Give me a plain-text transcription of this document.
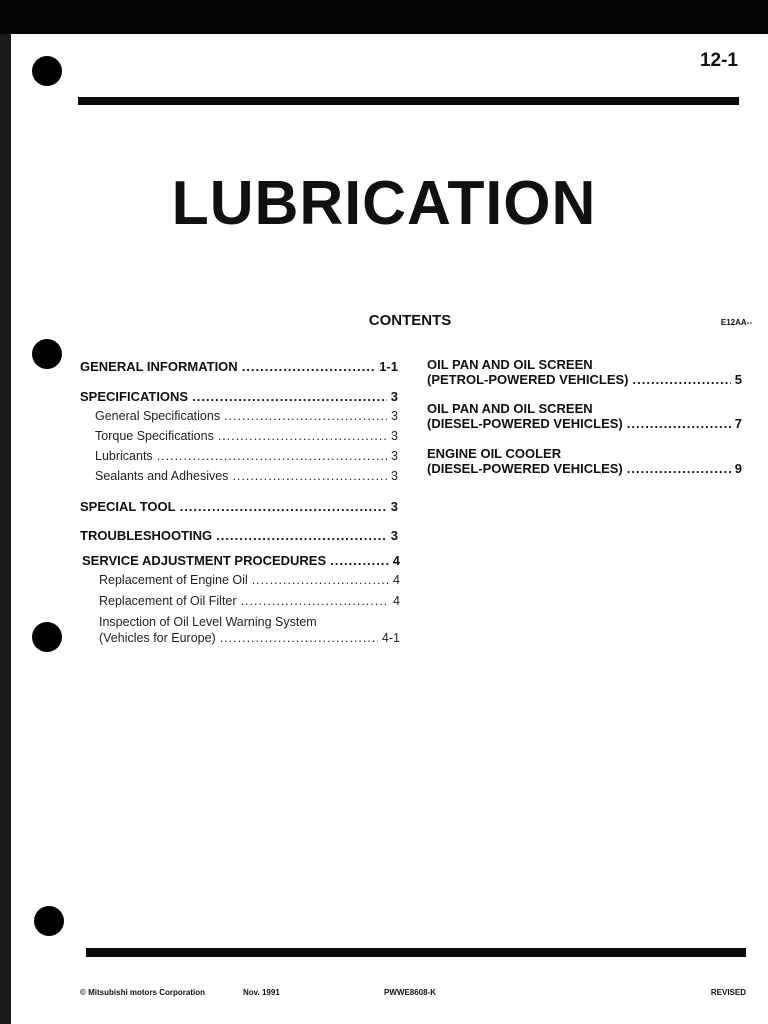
12-1
LUBRICATION
CONTENTS	E12AA--
GENERAL INFORMATION .....	1-1
SPECIFICATIONS .....	3
General Specifications .....	3
Torque Specifications .....	3
Lubricants .....	3
Sealants and Adhesives .....	3
SPECIAL TOOL .....	3
TROUBLESHOOTING .....	3
SERVICE ADJUSTMENT PROCEDURES .....	4
Replacement of Engine Oil .....	4
Replacement of Oil Filter .....	4
Inspection of Oil Level Warning System
(Vehicles for Europe) .....	4-1
OIL PAN AND OIL SCREEN
(PETROL-POWERED VEHICLES) .....	5
OIL PAN AND OIL SCREEN
(DIESEL-POWERED VEHICLES) .....	7
ENGINE OIL COOLER
(DIESEL-POWERED VEHICLES) .....	9
© Mitsubishi motors Corporation	Nov. 1991	PWWE8608-K	REVISED
